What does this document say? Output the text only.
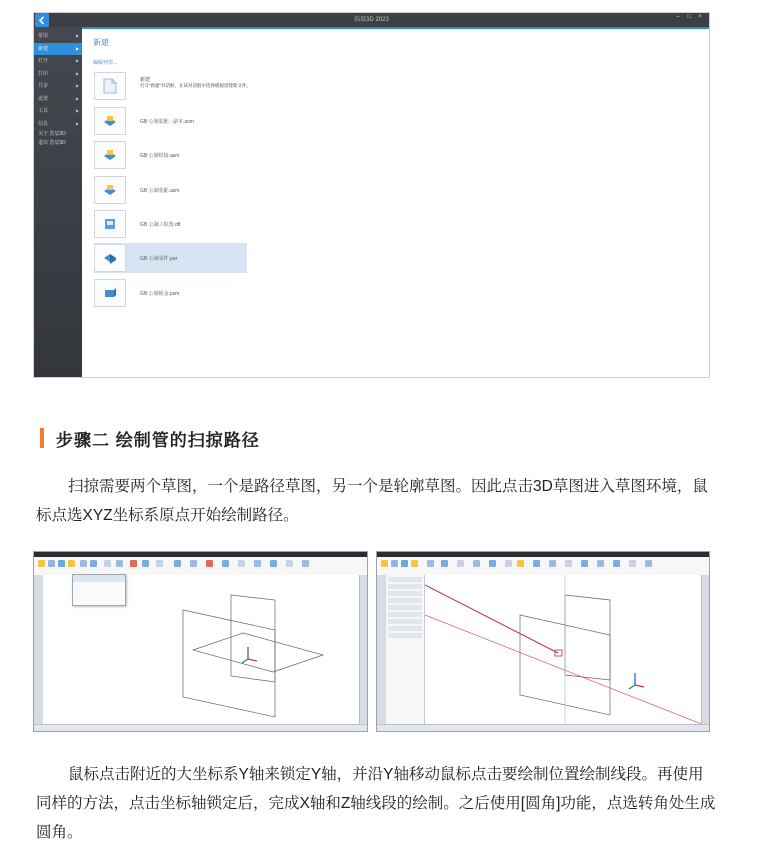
浩辰3D 2023	– □ ×
常用	▶
新建	▶
打开	▶
打印	▶
共享	▶
设置	▶
工具	▶
信息	▶
关于 浩辰3D
退出 浩辰3D
新建
编辑列表...
新建
打开“新建”对话框，在该对话框中选择模板创建新文件。
GB 公制装配 - 副本.asm
GB 公制焊接.asm
GB 公制装配.asm
GB 公制工程图.dft
GB 公制零件.par
GB 公制钣金.psm
步骤二 绘制管的扫掠路径

扫掠需要两个草图，一个是路径草图，另一个是轮廓草图。因此点击3D草图进入草图环境，鼠标点选XYZ坐标系原点开始绘制路径。

鼠标点击附近的大坐标系Y轴来锁定Y轴，并沿Y轴移动鼠标点击要绘制位置绘制线段。再使用同样的方法，点击坐标轴锁定后，完成X轴和Z轴线段的绘制。之后使用[圆角]功能，点选转角处生成圆角。
